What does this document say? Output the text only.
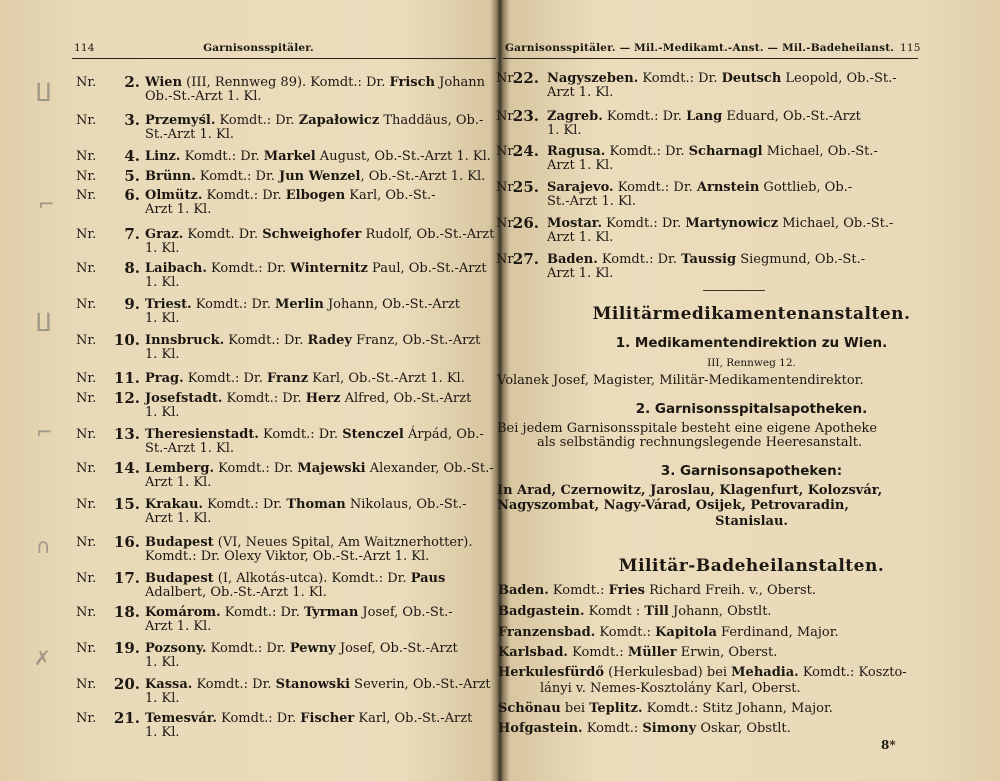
114	Garnisonsspitäler.
Nr.	2. Wien (III, Rennweg 89). Komdt.: Dr. Frisch Johann
Ob.-St.-Arzt 1. Kl.
Nr.	3. Przemyśl. Komdt.: Dr. Zapałowicz Thaddäus, Ob.-
St.-Arzt 1. Kl.
Nr.	4. Linz. Komdt.: Dr. Markel August, Ob.-St.-Arzt 1. Kl.
Nr.	5. Brünn. Komdt.: Dr. Jun Wenzel, Ob.-St.-Arzt 1. Kl.
Nr.	6. Olmütz. Komdt.: Dr. Elbogen Karl, Ob.-St.-
Arzt 1. Kl.
Nr.	7. Graz. Komdt. Dr. Schweighofer Rudolf, Ob.-St.-Arzt
1. Kl.
Nr.	8. Laibach. Komdt.: Dr. Winternitz Paul, Ob.-St.-Arzt
1. Kl.
Nr.	9. Triest. Komdt.: Dr. Merlin Johann, Ob.-St.-Arzt
1. Kl.
Nr.	10. Innsbruck. Komdt.: Dr. Radey Franz, Ob.-St.-Arzt
1. Kl.
Nr.	11. Prag. Komdt.: Dr. Franz Karl, Ob.-St.-Arzt 1. Kl.
Nr.	12. Josefstadt. Komdt.: Dr. Herz Alfred, Ob.-St.-Arzt
1. Kl.
Nr.	13. Theresienstadt. Komdt.: Dr. Stenczel Árpád, Ob.-
St.-Arzt 1. Kl.
Nr.	14. Lemberg. Komdt.: Dr. Majewski Alexander, Ob.-St.-
Arzt 1. Kl.
Nr.	15. Krakau. Komdt.: Dr. Thoman Nikolaus, Ob.-St.-
Arzt 1. Kl.
Nr.	16. Budapest (VI, Neues Spital, Am Waitznerhotter).
Komdt.: Dr. Olexy Viktor, Ob.-St.-Arzt 1. Kl.
Nr.	17. Budapest (I, Alkotás-utca). Komdt.: Dr. Paus
Adalbert, Ob.-St.-Arzt 1. Kl.
Nr.	18. Komárom. Komdt.: Dr. Tyrman Josef, Ob.-St.-
Arzt 1. Kl.
Nr.	19. Pozsony. Komdt.: Dr. Pewny Josef, Ob.-St.-Arzt
1. Kl.
Nr.	20. Kassa. Komdt.: Dr. Stanowski Severin, Ob.-St.-Arzt
1. Kl.
Nr.	21. Temesvár. Komdt.: Dr. Fischer Karl, Ob.-St.-Arzt
1. Kl.
∐
⌐
∐
⌐
∩
✗
Garnisonsspitäler. — Mil.-Medikamt.-Anst. — Mil.-Badeheilanst. 115
Nr.
22. Nagyszeben. Komdt.: Dr. Deutsch Leopold, Ob.-St.-
Arzt 1. Kl.
Nr.
23. Zagreb. Komdt.: Dr. Lang Eduard, Ob.-St.-Arzt
1. Kl.
Nr.
24. Ragusa. Komdt.: Dr. Scharnagl Michael, Ob.-St.-
Arzt 1. Kl.
Nr.
25. Sarajevo. Komdt.: Dr. Arnstein Gottlieb, Ob.-
St.-Arzt 1. Kl.
Nr.
26. Mostar. Komdt.: Dr. Martynowicz Michael, Ob.-St.-
Arzt 1. Kl.
Nr.
27. Baden. Komdt.: Dr. Taussig Siegmund, Ob.-St.-
Arzt 1. Kl.
Militärmedikamentenanstalten.
1. Medikamentendirektion zu Wien.
III, Rennweg 12.
Volanek Josef, Magister, Militär-Medikamentendirektor.
2. Garnisonsspitalsapotheken.
Bei jedem Garnisonsspitale besteht eine eigene Apotheke
als selbständig rechnungslegende Heeresanstalt.
3. Garnisonsapotheken:
In Arad, Czernowitz, Jaroslau, Klagenfurt, Kolozsvár,
Nagyszombat, Nagy-Várad, Osijek, Petrovaradin,
Stanislau.
Militär-Badeheilanstalten.
Baden. Komdt.: Fries Richard Freih. v., Oberst.
Badgastein. Komdt : Till Johann, Obstlt.
Franzensbad. Komdt.: Kapitola Ferdinand, Major.
Karlsbad. Komdt.: Müller Erwin, Oberst.
Herkulesfürdő (Herkulesbad) bei Mehadia. Komdt.: Koszto-
lányi v. Nemes-Kosztolány Karl, Oberst.
Schönau bei Teplitz. Komdt.: Stitz Johann, Major.
Hofgastein. Komdt.: Simony Oskar, Obstlt.
8*
